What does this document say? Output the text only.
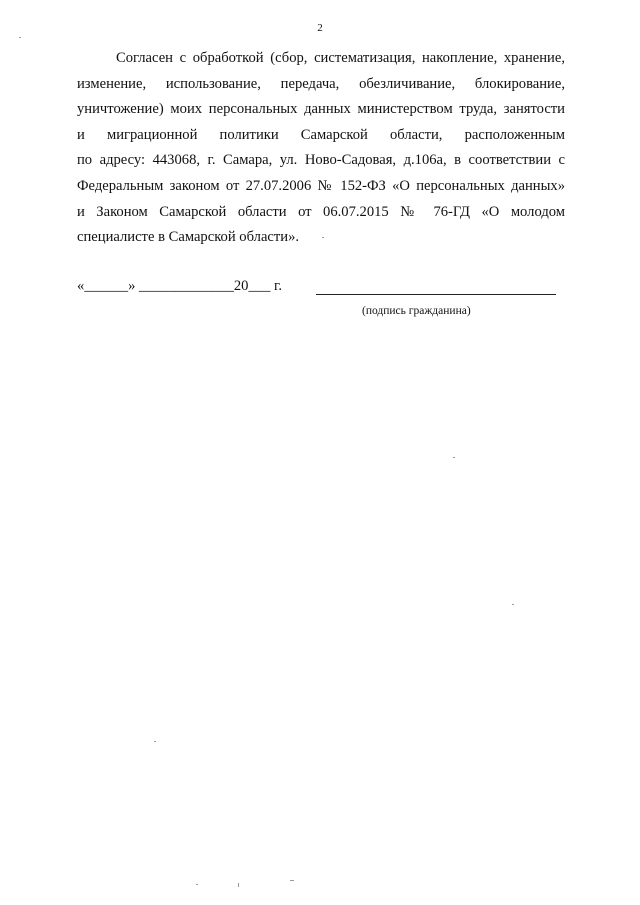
2
Согласен с обработкой (сбор, систематизация, накопление, хранение,
изменение, использование, передача, обезличивание, блокирование,
уничтожение) моих персональных данных министерством труда, занятости
и миграционной политики Самарской области, расположенным
по адресу: 443068, г. Самара, ул. Ново-Садовая, д.106а, в соответствии с
Федеральным законом от 27.07.2006 № 152-ФЗ «О персональных данных»
и Законом Самарской области от 06.07.2015 № 76-ГД «О молодом
специалисте в Самарской области».
«______» _____________20___ г.
(подпись гражданина)
